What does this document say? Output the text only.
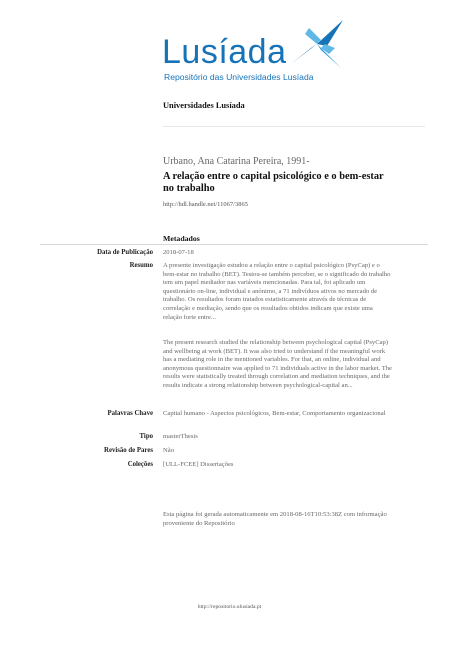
Lusíada
Repositório das Universidades Lusíada
Universidades Lusíada
Urbano, Ana Catarina Pereira, 1991-
A relação entre o capital psicológico e o bem-estar no trabalho
http://hdl.handle.net/11067/3865
Metadados
Data de Publicação 2018-07-18
Resumo A presente investigação estudou a relação entre o capital psicológico (PsyCap) e o bem-estar no trabalho (BET). Testou-se também perceber, se o significado do trabalho tem um papel mediador nas variáveis mencionadas. Para tal, foi aplicado um questionário on-line, individual e anónimo, a 71 indivíduos ativos no mercado de trabalho. Os resultados foram tratados estatisticamente através de técnicas de correlação e mediação, sendo que os resultados obtidos indicam que existe uma relação forte entre...
The present research studied the relationship between psychological capital (PsyCap) and wellbeing at work (BET). It was also tried to understand if the meaningful work has a mediating role in the mentioned variables. For that, an online, individual and anonymous questionnaire was applied to 71 individuals active in the labor market. The results were statistically treated through correlation and mediation techniques, and the results indicate a strong relationship between psychological-capital an...
Palavras Chave Capital humano - Aspectos psicológicos, Bem-estar, Comportamento organizacional
Tipo masterThesis
Revisão de Pares Não
Coleções [ULL-FCEE] Dissertações
Esta página foi gerada automaticamente em 2018-08-16T10:53:38Z com informação proveniente do Repositório
http://repositorio.ulusiada.pt
